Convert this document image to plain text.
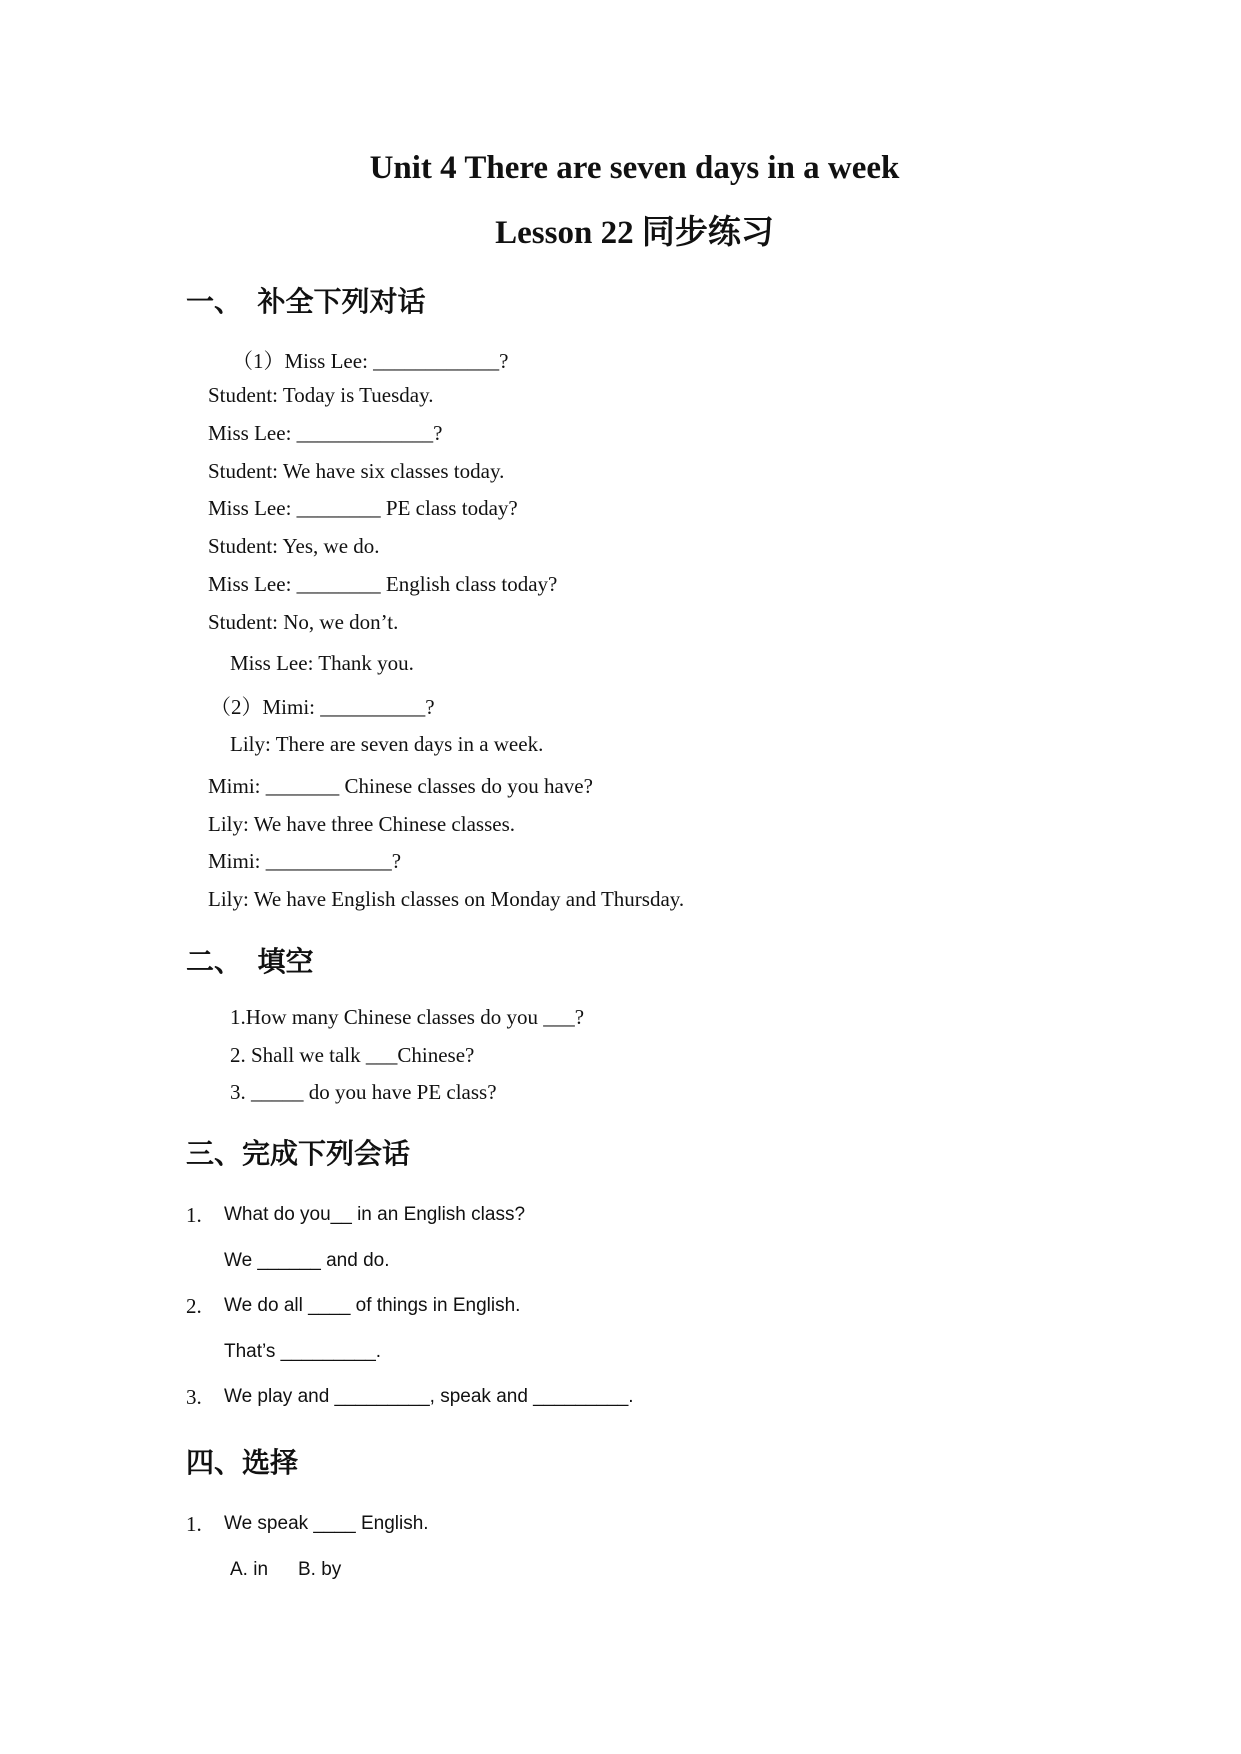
Unit 4 There are seven days in a week
Lesson 22 同步练习
一、  补全下列对话
（1）Miss Lee: ____________?
Student: Today is Tuesday.
Miss Lee: _____________?
Student: We have six classes today.
Miss Lee: ________ PE class today?
Student: Yes, we do.
Miss Lee: ________ English class today?
Student: No, we don’t.
Miss Lee: Thank you.
（2）Mimi: __________?
Lily: There are seven days in a week.
Mimi: _______ Chinese classes do you have?
Lily: We have three Chinese classes.
Mimi: ____________?
Lily: We have English classes on Monday and Thursday.
二、  填空
1.How many Chinese classes do you ___?
2. Shall we talk ___Chinese?
3. _____ do you have PE class?
三、完成下列会话
1. What do you__ in an English class?
We ______ and do.
2. We do all ____ of things in English.
That’s _________.
3. We play and _________, speak and _________.
四、选择
1. We speak ____ English.
A. in B. by
